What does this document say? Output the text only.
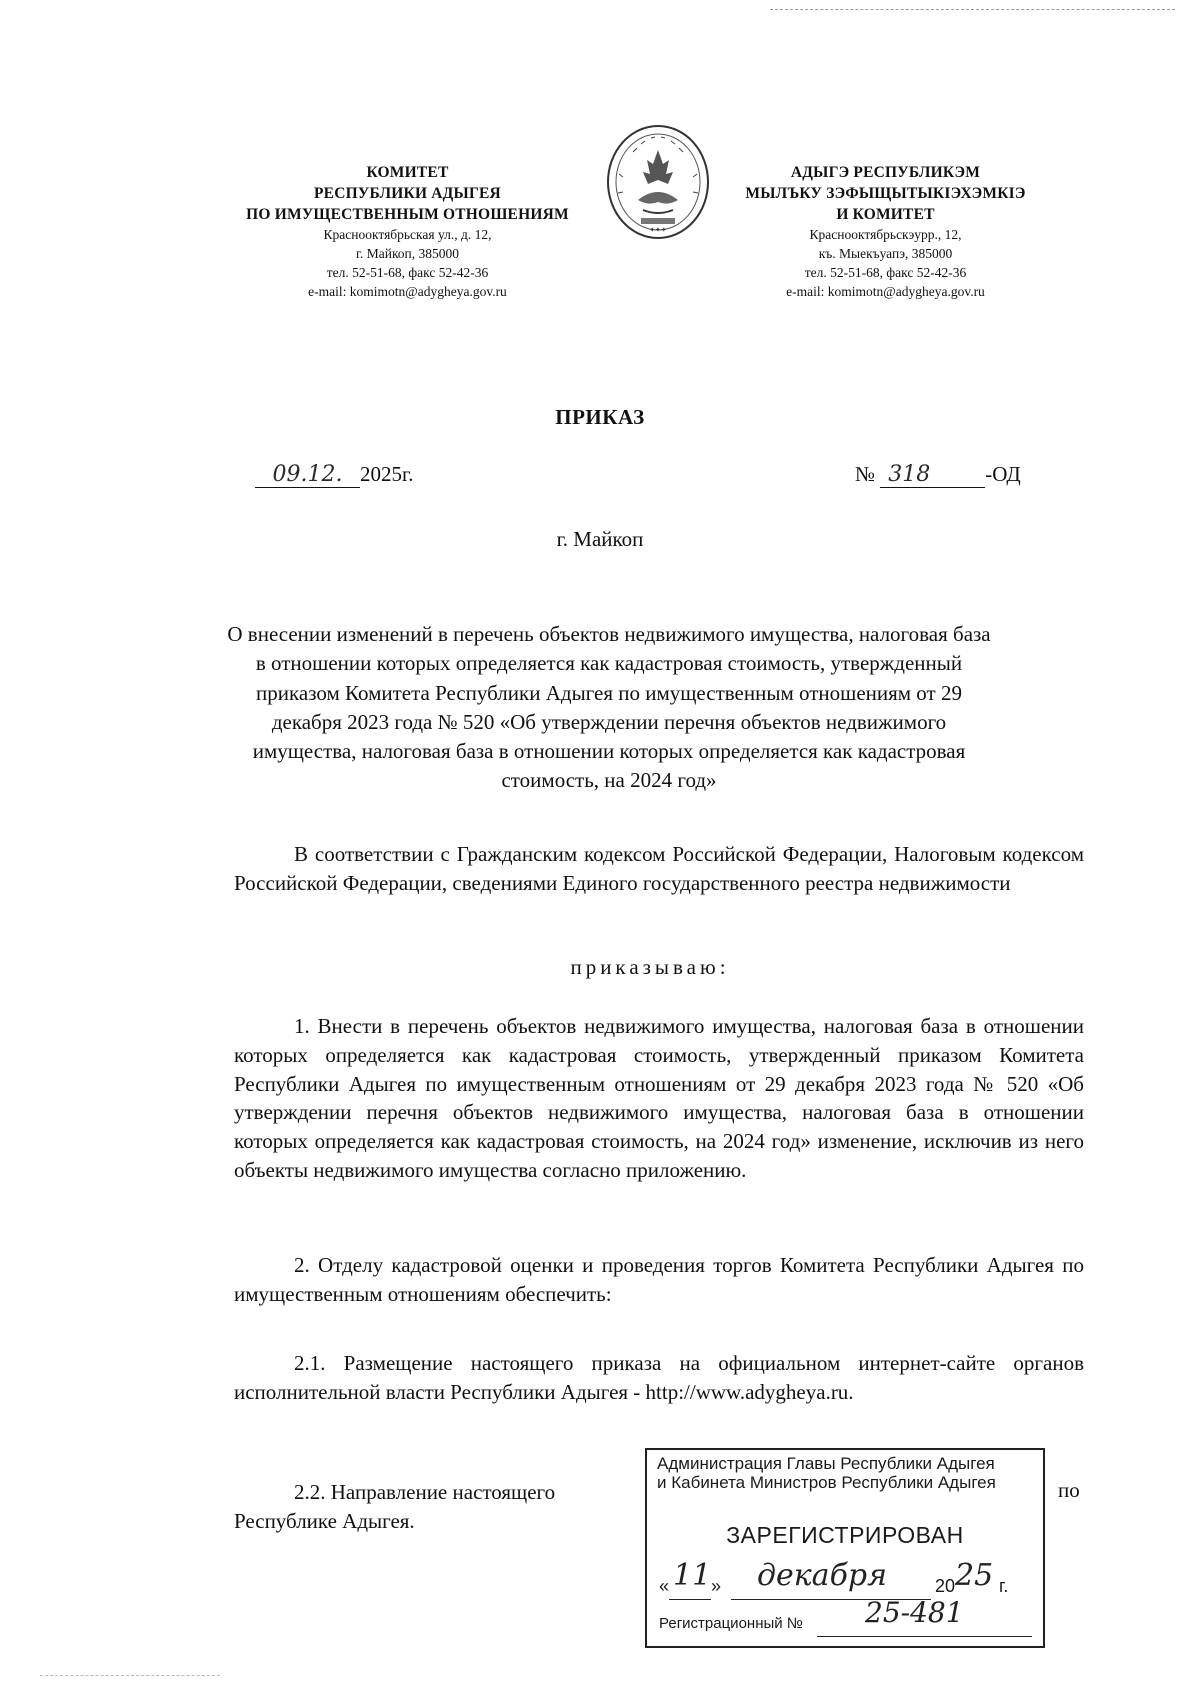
КОМИТЕТ
РЕСПУБЛИКИ АДЫГЕЯ
ПО ИМУЩЕСТВЕННЫМ ОТНОШЕНИЯМ
Краснооктябрьская ул., д. 12,
г. Майкоп, 385000
тел. 52-51-68, факс 52-42-36
e-mail: komimotn@adygheya.gov.ru
✦✦✦
АДЫГЭ РЕСПУБЛИКЭМ
МЫЛЪКУ ЗЭФЫЩЫТЫКIЭХЭМКIЭ
И КОМИТЕТ
Краснооктябрьскэурр., 12,
къ. Мыекъуапэ, 385000
тел. 52-51-68, факс 52-42-36
e-mail: komimotn@adygheya.gov.ru
ПРИКАЗ
09.12. 2025г.	№ 318	-ОД
г. Майкоп
О внесении изменений в перечень объектов недвижимого имущества, налоговая база в отношении которых определяется как кадастровая стоимость, утвержденный приказом Комитета Республики Адыгея по имущественным отношениям от 29 декабря 2023 года № 520 «Об утверждении перечня объектов недвижимого имущества, налоговая база в отношении которых определяется как кадастровая стоимость, на 2024 год»
В соответствии с Гражданским кодексом Российской Федерации, Налоговым кодексом Российской Федерации, сведениями Единого государственного реестра недвижимости
приказываю:
1. Внести в перечень объектов недвижимого имущества, налоговая база в отношении которых определяется как кадастровая стоимость, утвержденный приказом Комитета Республики Адыгея по имущественным отношениям от 29 декабря 2023 года № 520 «Об утверждении перечня объектов недвижимого имущества, налоговая база в отношении которых определяется как кадастровая стоимость, на 2024 год» изменение, исключив из него объекты недвижимого имущества согласно приложению.
2. Отделу кадастровой оценки и проведения торгов Комитета Республики Адыгея по имущественным отношениям обеспечить:
2.1. Размещение настоящего приказа на официальном интернет-сайте органов исполнительной власти Республики Адыгея - http://www.adygheya.ru.
2.2. Направление настоящего
Республике Адыгея.
по
Администрация Главы Республики Адыгея
и Кабинета Министров Республики Адыгея
ЗАРЕГИСТРИРОВАН
« 11 » декабря	20 25 г.
Регистрационный № 25-481
